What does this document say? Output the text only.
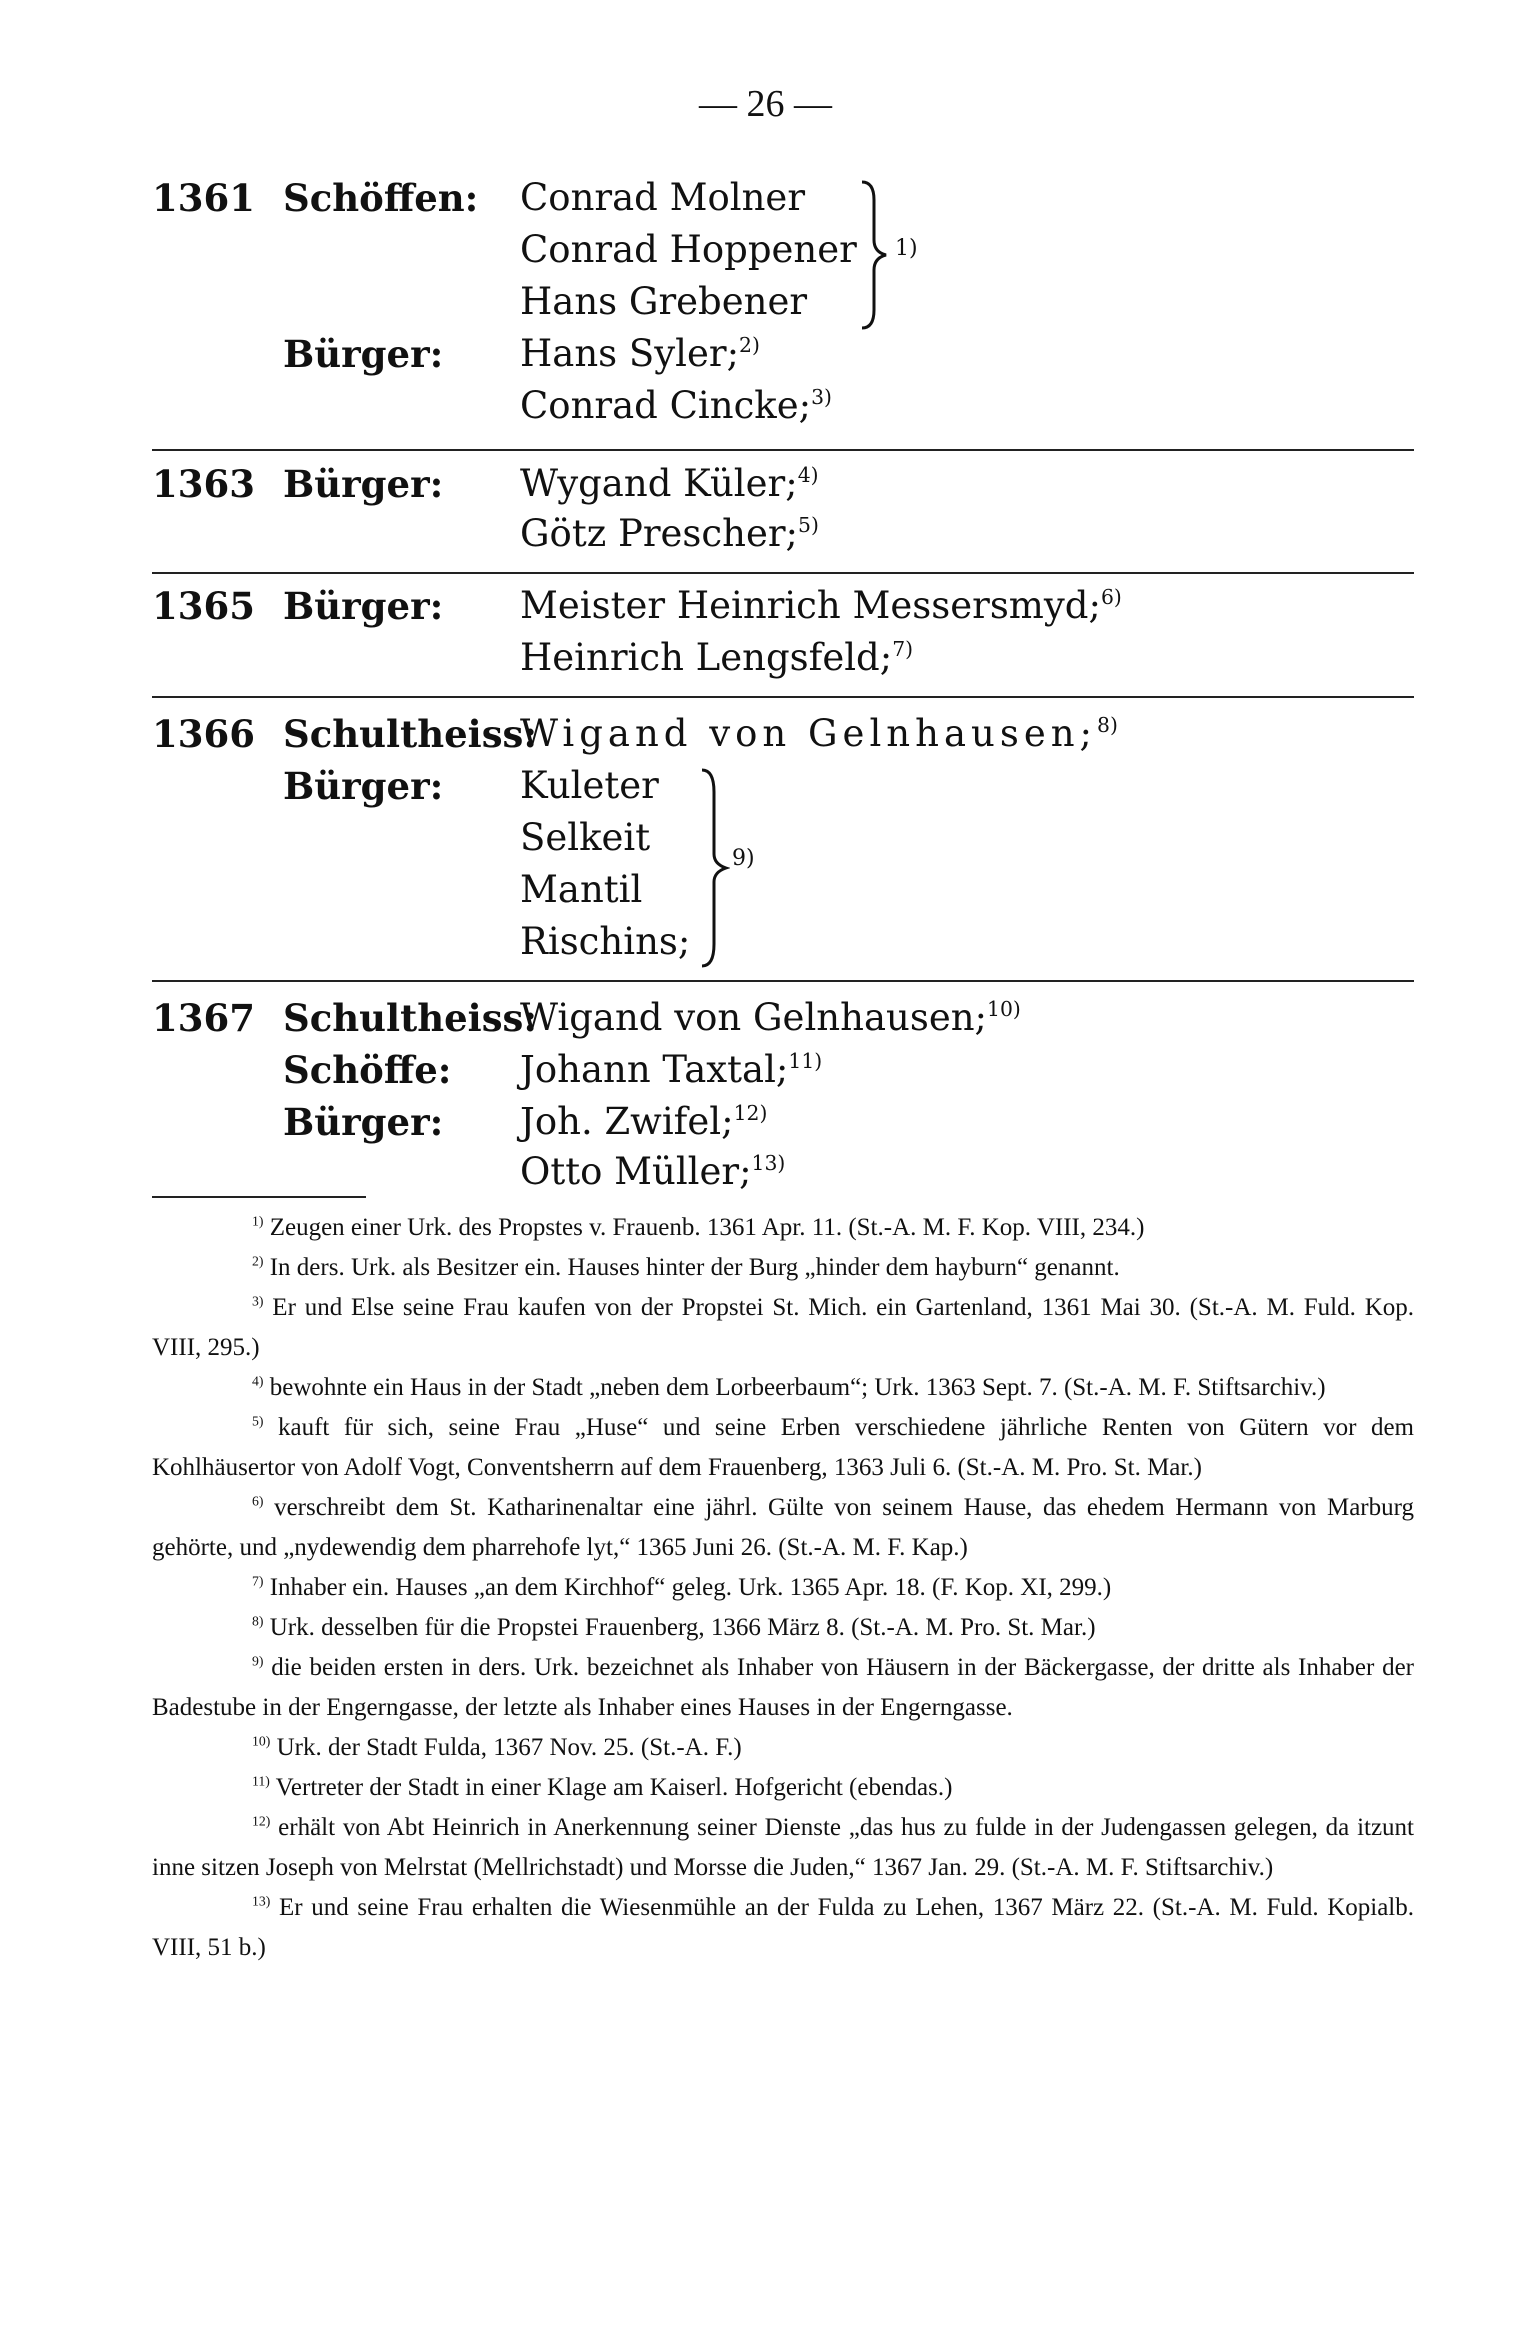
— 26 —
1361 Schöffen: Conrad Molner
Conrad Hoppener
Hans Grebener
1)
Bürger: Hans Syler;$^{2)}$
Conrad Cincke;$^{3)}$
1363 Bürger: Wygand Küler;$^{4)}$
Götz Prescher;$^{5)}$
1365 Bürger: Meister Heinrich Messersmyd;$^{6)}$
Heinrich Lengsfeld;$^{7)}$
1366 Schultheiss:
Wigand von Gelnhausen;$^{8)}$
Bürger: Kuleter
Selkeit
Mantil
Rischins;
9)
1367 Schultheiss:
Wigand von Gelnhausen;$^{10)}$
Schöffe: Johann Taxtal;$^{11)}$
Bürger: Joh. Zwifel;$^{12)}$
Otto Müller;$^{13)}$
$^{1)}$ Zeugen einer Urk. des Propstes v. Frauenb. 1361 Apr. 11. (St.-A. M. F. Kop. VIII, 234.)
$^{2)}$ In ders. Urk. als Besitzer ein. Hauses hinter der Burg „hinder dem hayburn“ genannt.
$^{3)}$ Er und Else seine Frau kaufen von der Propstei St. Mich. ein Gartenland, 1361 Mai 30. (St.-A. M. Fuld. Kop. VIII, 295.)
$^{4)}$ bewohnte ein Haus in der Stadt „neben dem Lorbeerbaum“; Urk. 1363 Sept. 7. (St.-A. M. F. Stiftsarchiv.)
$^{5)}$ kauft für sich, seine Frau „Huse“ und seine Erben verschiedene jährliche Renten von Gütern vor dem Kohlhäusertor von Adolf Vogt, Conventsherrn auf dem Frauenberg, 1363 Juli 6. (St.-A. M. Pro. St. Mar.)
$^{6)}$ verschreibt dem St. Katharinenaltar eine jährl. Gülte von seinem Hause, das ehedem Hermann von Marburg gehörte, und „nydewendig dem pharrehofe lyt,“ 1365 Juni 26. (St.-A. M. F. Kap.)
$^{7)}$ Inhaber ein. Hauses „an dem Kirchhof“ geleg. Urk. 1365 Apr. 18. (F. Kop. XI, 299.)
$^{8)}$ Urk. desselben für die Propstei Frauenberg, 1366 März 8. (St.-A. M. Pro. St. Mar.)
$^{9)}$ die beiden ersten in ders. Urk. bezeichnet als Inhaber von Häusern in der Bäckergasse, der dritte als Inhaber der Badestube in der Engerngasse, der letzte als Inhaber eines Hauses in der Engerngasse.
$^{10)}$ Urk. der Stadt Fulda, 1367 Nov. 25. (St.-A. F.)
$^{11)}$ Vertreter der Stadt in einer Klage am Kaiserl. Hofgericht (ebendas.)
$^{12)}$ erhält von Abt Heinrich in Anerkennung seiner Dienste „das hus zu fulde in der Judengassen gelegen, da itzunt inne sitzen Joseph von Melrstat (Mellrichstadt) und Morsse die Juden,“ 1367 Jan. 29. (St.-A. M. F. Stiftsarchiv.)
$^{13)}$ Er und seine Frau erhalten die Wiesenmühle an der Fulda zu Lehen, 1367 März 22. (St.-A. M. Fuld. Kopialb. VIII, 51 b.)
